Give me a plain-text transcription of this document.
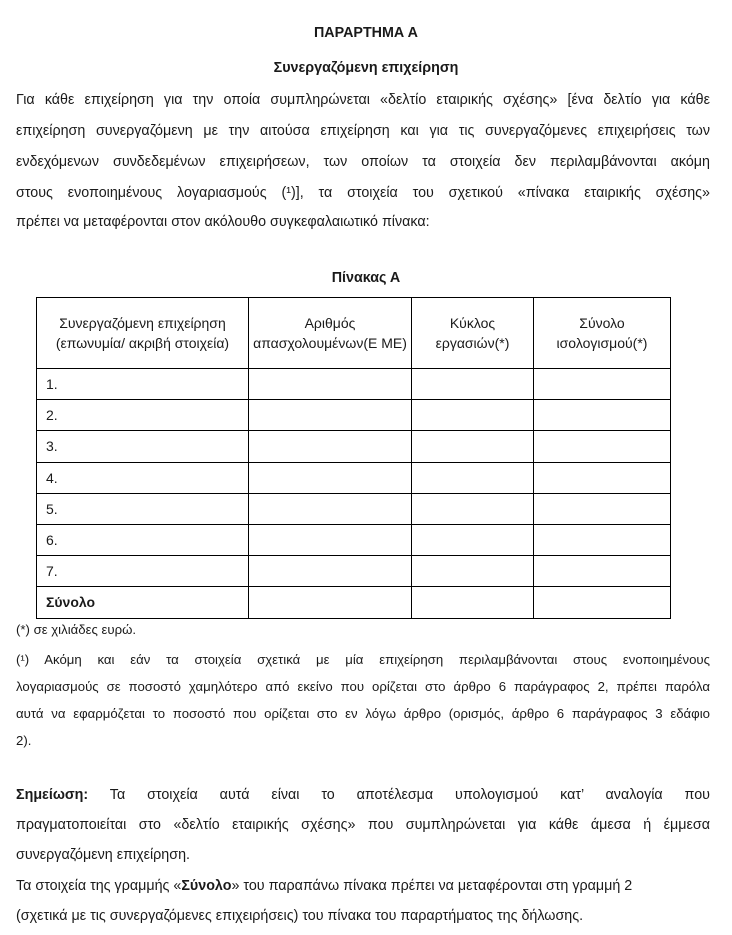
ΠΑΡΑΡΤΗΜΑ Α
Συνεργαζόμενη επιχείρηση
Για κάθε επιχείρηση για την οποία συμπληρώνεται «δελτίο εταιρικής σχέσης» [ένα δελτίο για κάθε
επιχείρηση συνεργαζόμενη με την αιτούσα επιχείρηση και για τις συνεργαζόμενες επιχειρήσεις των
ενδεχόμενων συνδεδεμένων επιχειρήσεων, των οποίων τα στοιχεία δεν περιλαμβάνονται ακόμη
στους ενοποιημένους λογαριασμούς (¹)], τα στοιχεία του σχετικού «πίνακα εταιρικής σχέσης»
πρέπει να μεταφέρονται στον ακόλουθο συγκεφαλαιωτικό πίνακα:
Πίνακας Α
Συνεργαζόμενη επιχείρηση (επωνυμία/ ακριβή στοιχεία)	Αριθμός απασχολουμένων(Ε ΜΕ)	Κύκλος εργασιών(*)	Σύνολο ισολογισμού(*)
1.			
2.			
3.			
4.			
5.			
6.			
7.			
Σύνολο			
(*) σε χιλιάδες ευρώ.
(¹) Ακόμη και εάν τα στοιχεία σχετικά με μία επιχείρηση περιλαμβάνονται στους ενοποιημένους
λογαριασμούς σε ποσοστό χαμηλότερο από εκείνο που ορίζεται στο άρθρο 6 παράγραφος 2, πρέπει παρόλα
αυτά να εφαρμόζεται το ποσοστό που ορίζεται στο εν λόγω άρθρο (ορισμός, άρθρο 6 παράγραφος 3 εδάφιο
2).
Σημείωση: Τα στοιχεία αυτά είναι το αποτέλεσμα υπολογισμού κατ’ αναλογία που
πραγματοποιείται στο «δελτίο εταιρικής σχέσης» που συμπληρώνεται για κάθε άμεσα ή έμμεσα
συνεργαζόμενη επιχείρηση.
Τα στοιχεία της γραμμής «Σύνολο» του παραπάνω πίνακα πρέπει να μεταφέρονται στη γραμμή 2
(σχετικά με τις συνεργαζόμενες επιχειρήσεις) του πίνακα του παραρτήματος της δήλωσης.
